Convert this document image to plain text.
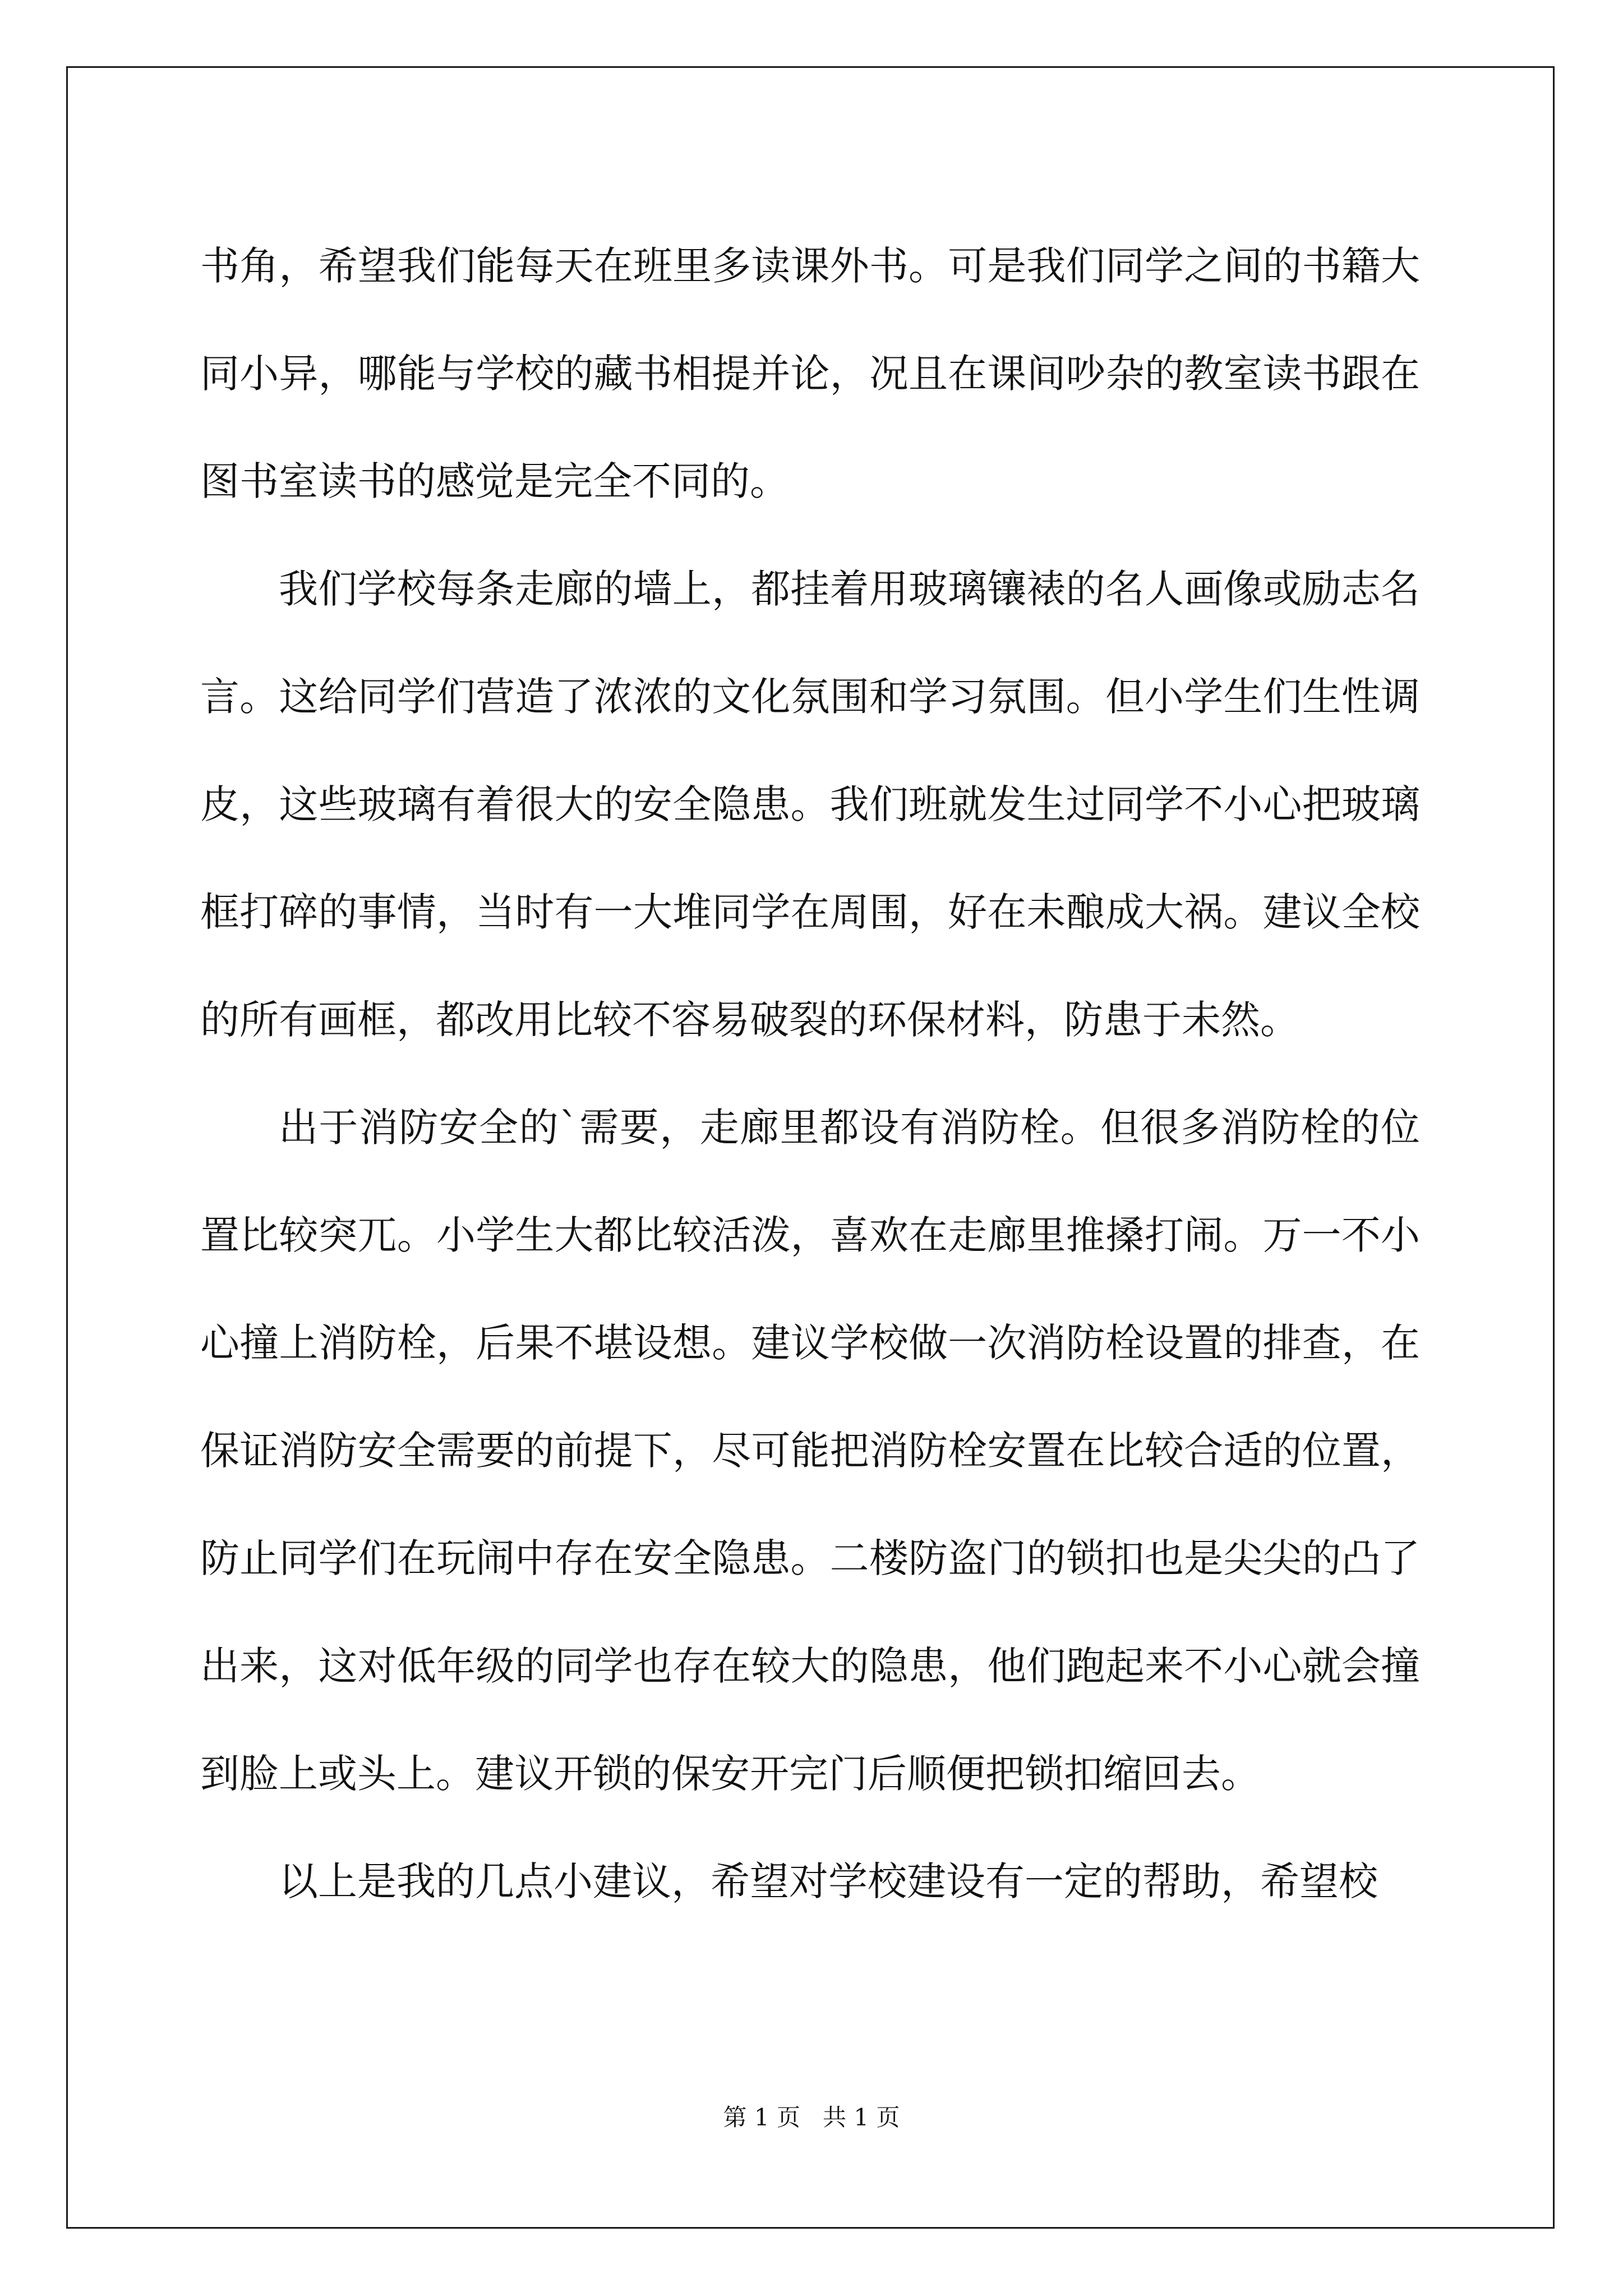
书角，希望我们能每天在班里多读课外书。可是我们同学之间的书籍大同小异，哪能与学校的藏书相提并论，况且在课间吵杂的教室读书跟在图书室读书的感觉是完全不同的。

我们学校每条走廊的墙上，都挂着用玻璃镶裱的名人画像或励志名言。这给同学们营造了浓浓的文化氛围和学习氛围。但小学生们生性调皮，这些玻璃有着很大的安全隐患。我们班就发生过同学不小心把玻璃框打碎的事情，当时有一大堆同学在周围，好在未酿成大祸。建议全校的所有画框，都改用比较不容易破裂的环保材料，防患于未然。

出于消防安全的`需要，走廊里都设有消防栓。但很多消防栓的位置比较突兀。小学生大都比较活泼，喜欢在走廊里推搡打闹。万一不小心撞上消防栓，后果不堪设想。建议学校做一次消防栓设置的排查，在保证消防安全需要的前提下，尽可能把消防栓安置在比较合适的位置，防止同学们在玩闹中存在安全隐患。二楼防盗门的锁扣也是尖尖的凸了出来，这对低年级的同学也存在较大的隐患，他们跑起来不小心就会撞到脸上或头上。建议开锁的保安开完门后顺便把锁扣缩回去。

以上是我的几点小建议，希望对学校建设有一定的帮助，希望校

第 1 页 共 1 页
